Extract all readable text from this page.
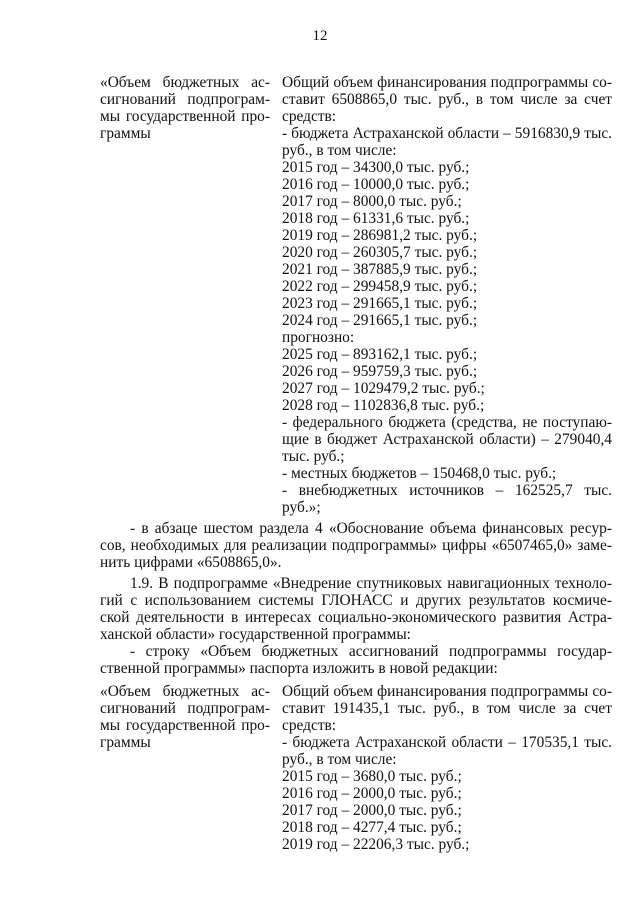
12
«Объем бюджетных ас-
сигнований подпрограм-
мы государственной про-
граммы
Общий объем финансирования подпрограммы со-
ставит 6508865,0 тыс. руб., в том числе за счет
средств:
- бюджета Астраханской области – 5916830,9 тыс.
руб., в том числе:
2015 год – 34300,0 тыс. руб.;
2016 год – 10000,0 тыс. руб.;
2017 год – 8000,0 тыс. руб.;
2018 год – 61331,6 тыс. руб.;
2019 год – 286981,2 тыс. руб.;
2020 год – 260305,7 тыс. руб.;
2021 год – 387885,9 тыс. руб.;
2022 год – 299458,9 тыс. руб.;
2023 год – 291665,1 тыс. руб.;
2024 год – 291665,1 тыс. руб.;
прогнозно:
2025 год – 893162,1 тыс. руб.;
2026 год – 959759,3 тыс. руб.;
2027 год – 1029479,2 тыс. руб.;
2028 год – 1102836,8 тыс. руб.;
- федерального бюджета (средства, не поступаю-
щие в бюджет Астраханской области) – 279040,4
тыс. руб.;
- местных бюджетов – 150468,0 тыс. руб.;
- внебюджетных источников – 162525,7 тыс.
руб.»;
- в абзаце шестом раздела 4 «Обоснование объема финансовых ресур-
сов, необходимых для реализации подпрограммы» цифры «6507465,0» заме-
нить цифрами «6508865,0».
1.9. В подпрограмме «Внедрение спутниковых навигационных техноло-
гий с использованием системы ГЛОНАСС и других результатов космиче-
ской деятельности в интересах социально-экономического развития Астра-
ханской области» государственной программы:
- строку «Объем бюджетных ассигнований подпрограммы государ-
ственной программы» паспорта изложить в новой редакции:
«Объем бюджетных ас-
сигнований подпрограм-
мы государственной про-
граммы
Общий объем финансирования подпрограммы со-
ставит 191435,1 тыс. руб., в том числе за счет
средств:
- бюджета Астраханской области – 170535,1 тыс.
руб., в том числе:
2015 год – 3680,0 тыс. руб.;
2016 год – 2000,0 тыс. руб.;
2017 год – 2000,0 тыс. руб.;
2018 год – 4277,4 тыс. руб.;
2019 год – 22206,3 тыс. руб.;
